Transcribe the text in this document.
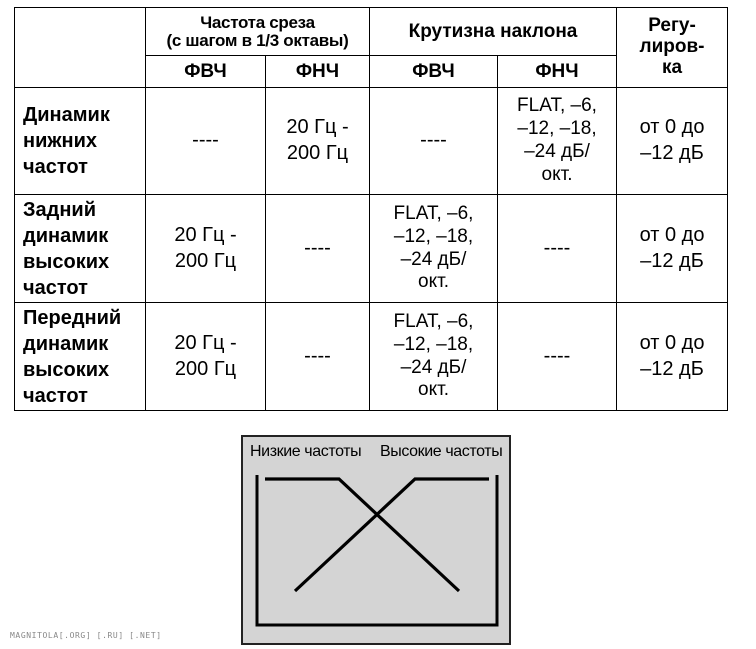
	Частота среза
(с шагом в 1/3 октавы)		Крутизна наклона		Регу-
лиров-
ка

	ФВЧ	ФНЧ	ФВЧ	ФНЧ	

Динамик
нижних
частот	----	20 Гц -
200 Гц	----	FLAT, –6,
–12, –18,
–24 дБ/
окт.	от 0 до
–12 дБ

Задний
динамик
высоких
частот	20 Гц -
200 Гц	----	FLAT, –6,
–12, –18,
–24 дБ/
окт.	----	от 0 до
–12 дБ

Передний
динамик
высоких
частот	20 Гц -
200 Гц	----	FLAT, –6,
–12, –18,
–24 дБ/
окт.	----	от 0 до
–12 дБ
Низкие частоты Высокие частоты
MAGNITOLA[.ORG] [.RU] [.NET]
